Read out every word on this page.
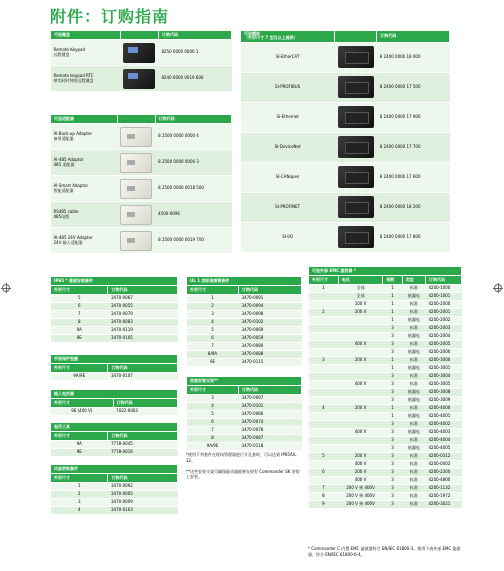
附件：订购指南
可选键盘		订购代码
Remote Keypad
远程键盘		8250 0000 0000 1
Remote keypad RTC
带实时时钟的远程键盘		8240 0000 0019 600
可选适配器		订购代码
AI-Back-up Adaptor
备用适配器		8 2500 0000 0000 4
AI-485 Adaptor
485 适配器		8 2500 0000 0000 3
AI-Smart Adaptor
智能适配器		8 2500 0000 0018 500
RS485 cable
485电缆		4500-0096
AI-485 24V Adaptor
24V 输入适配器		8 2500 0000 0019 700
可选模块
（外形尺寸 7 型及以上提供）		订购代码
SI-EtherCAT		8 2400 0000 18 000
SI-PROFIBUS		8 2400 0000 17 500
SI-Ethernet		8 2400 0000 17 900
SI-DeviceNet		8 2400 0000 17 700
SI-CANopen		8 2400 0000 17 600
SI-PROFINET		8 2400 0000 18 200
SI-I/O		8 2400 0000 17 800
IP65 * 通道安装套件	
外形尺寸	订购代码
5	3470-0067
6	3470-0055
7	3470-0079
8	3470-0083
9A	3470-0119
9E	3470-0105
手册保护垫圈	
外形尺寸	订购代码
9A/9E	3470-0107
输入电抗器	
外形尺寸	订购代码
9E (400 V)	7022-0063
起吊工具	
外形尺寸	订购代码
9A	7778-0045
9E	7778-0016
风扇更换套件	
外形尺寸	订购代码
1	3470-0092
2	3470-0005
3	3470-0009
4	3470-0103
UL 1 类标准接管套件	
外形尺寸	订购代码
1	3470-0091
2	3470-0094
3	3470-0098
4	3470-0102
5	3470-0069
6	3470-0059
7	3470-0080
8/9A	3470-0088
9E	3470-0115
改装安装支架**	
外形尺寸	订购代码
3	3470-0097
4	3470-0101
5	3470-0066
6	3470-0074
7	3470-0078
8	3470-0087
9A/9E	3470-0118
*使用下列套件在现场管理器进行开孔套时，可以达到 IP65/UL 12。

**这些安装支架可确保驱动器能够在现有 Commander SK 安装上安装。
可选外部 EMC 滤波器 *				
外形尺寸	电压	相数	类型	订购代码
1	全部	1	标准	4200-1000
	全部	1	低漏电	4200-1001
	100 V	1	标准	4200-2000
2	200 V	1	标准	4200-2001
		1	低漏电	4200-2002
		3	标准	4200-2003
		3	低漏电	4200-2004
	400 V	3	标准	4200-2005
		3	低漏电	4200-2006
3	200 V	1	标准	4200-3000
		1	低漏电	4200-3001
		3	标准	4200-3004
	400 V	3	标准	4200-3005
		3	低漏电	4200-3008
		3	低漏电	4200-3009
4	200 V	1	标准	4200-4000
		1	低漏电	4200-4001
		3	标准	4200-4002
	400 V	3	低漏电	4200-4003
		3	标准	4200-4004
		3	低漏电	4200-4005
5	200 V	3	标准	4200-0312
	400 V	3	标准	4200-0402
6	200 V	3	标准	4200-2300
	400 V	3	标准	4200-4800
7	200 V 到 400V	3	标准	4200-1132
8	200 V 到 400V	3	标准	4200-1972
9	200 V 到 400V	3	标准	4200-3021
* Commander C 内置 EMC 滤波器符合 EN/IEC 61800-3。使用下表外部 EMC 滤波器，符合 EN/IEC 61800-6-4。
